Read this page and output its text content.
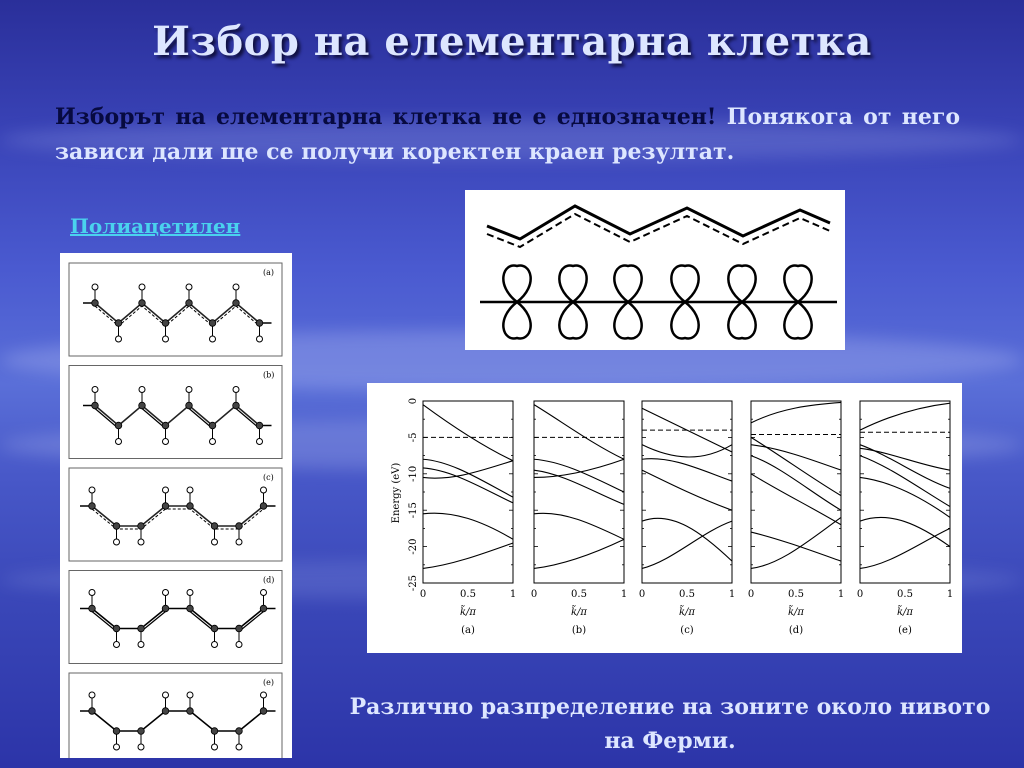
Избор на елементарна клетка
Изборът на елементарна клетка не е еднозначен! Понякога от него зависи дали ще се получи коректен краен резултат.
Полиацетилен
(a)
(b)
(c)
(d)
(e)
Energy (eV)
0
-5
-10
-15
-20
-25
0	0.5	1
k̃/π
(a)
0	0.5	1
k̃/π
(b)
0	0.5	1
k̃/π
(c)
0	0.5	1
k̃/π
(d)
0	0.5	1
k̃/π
(e)
Различно разпределение на зоните около нивото на Ферми.
